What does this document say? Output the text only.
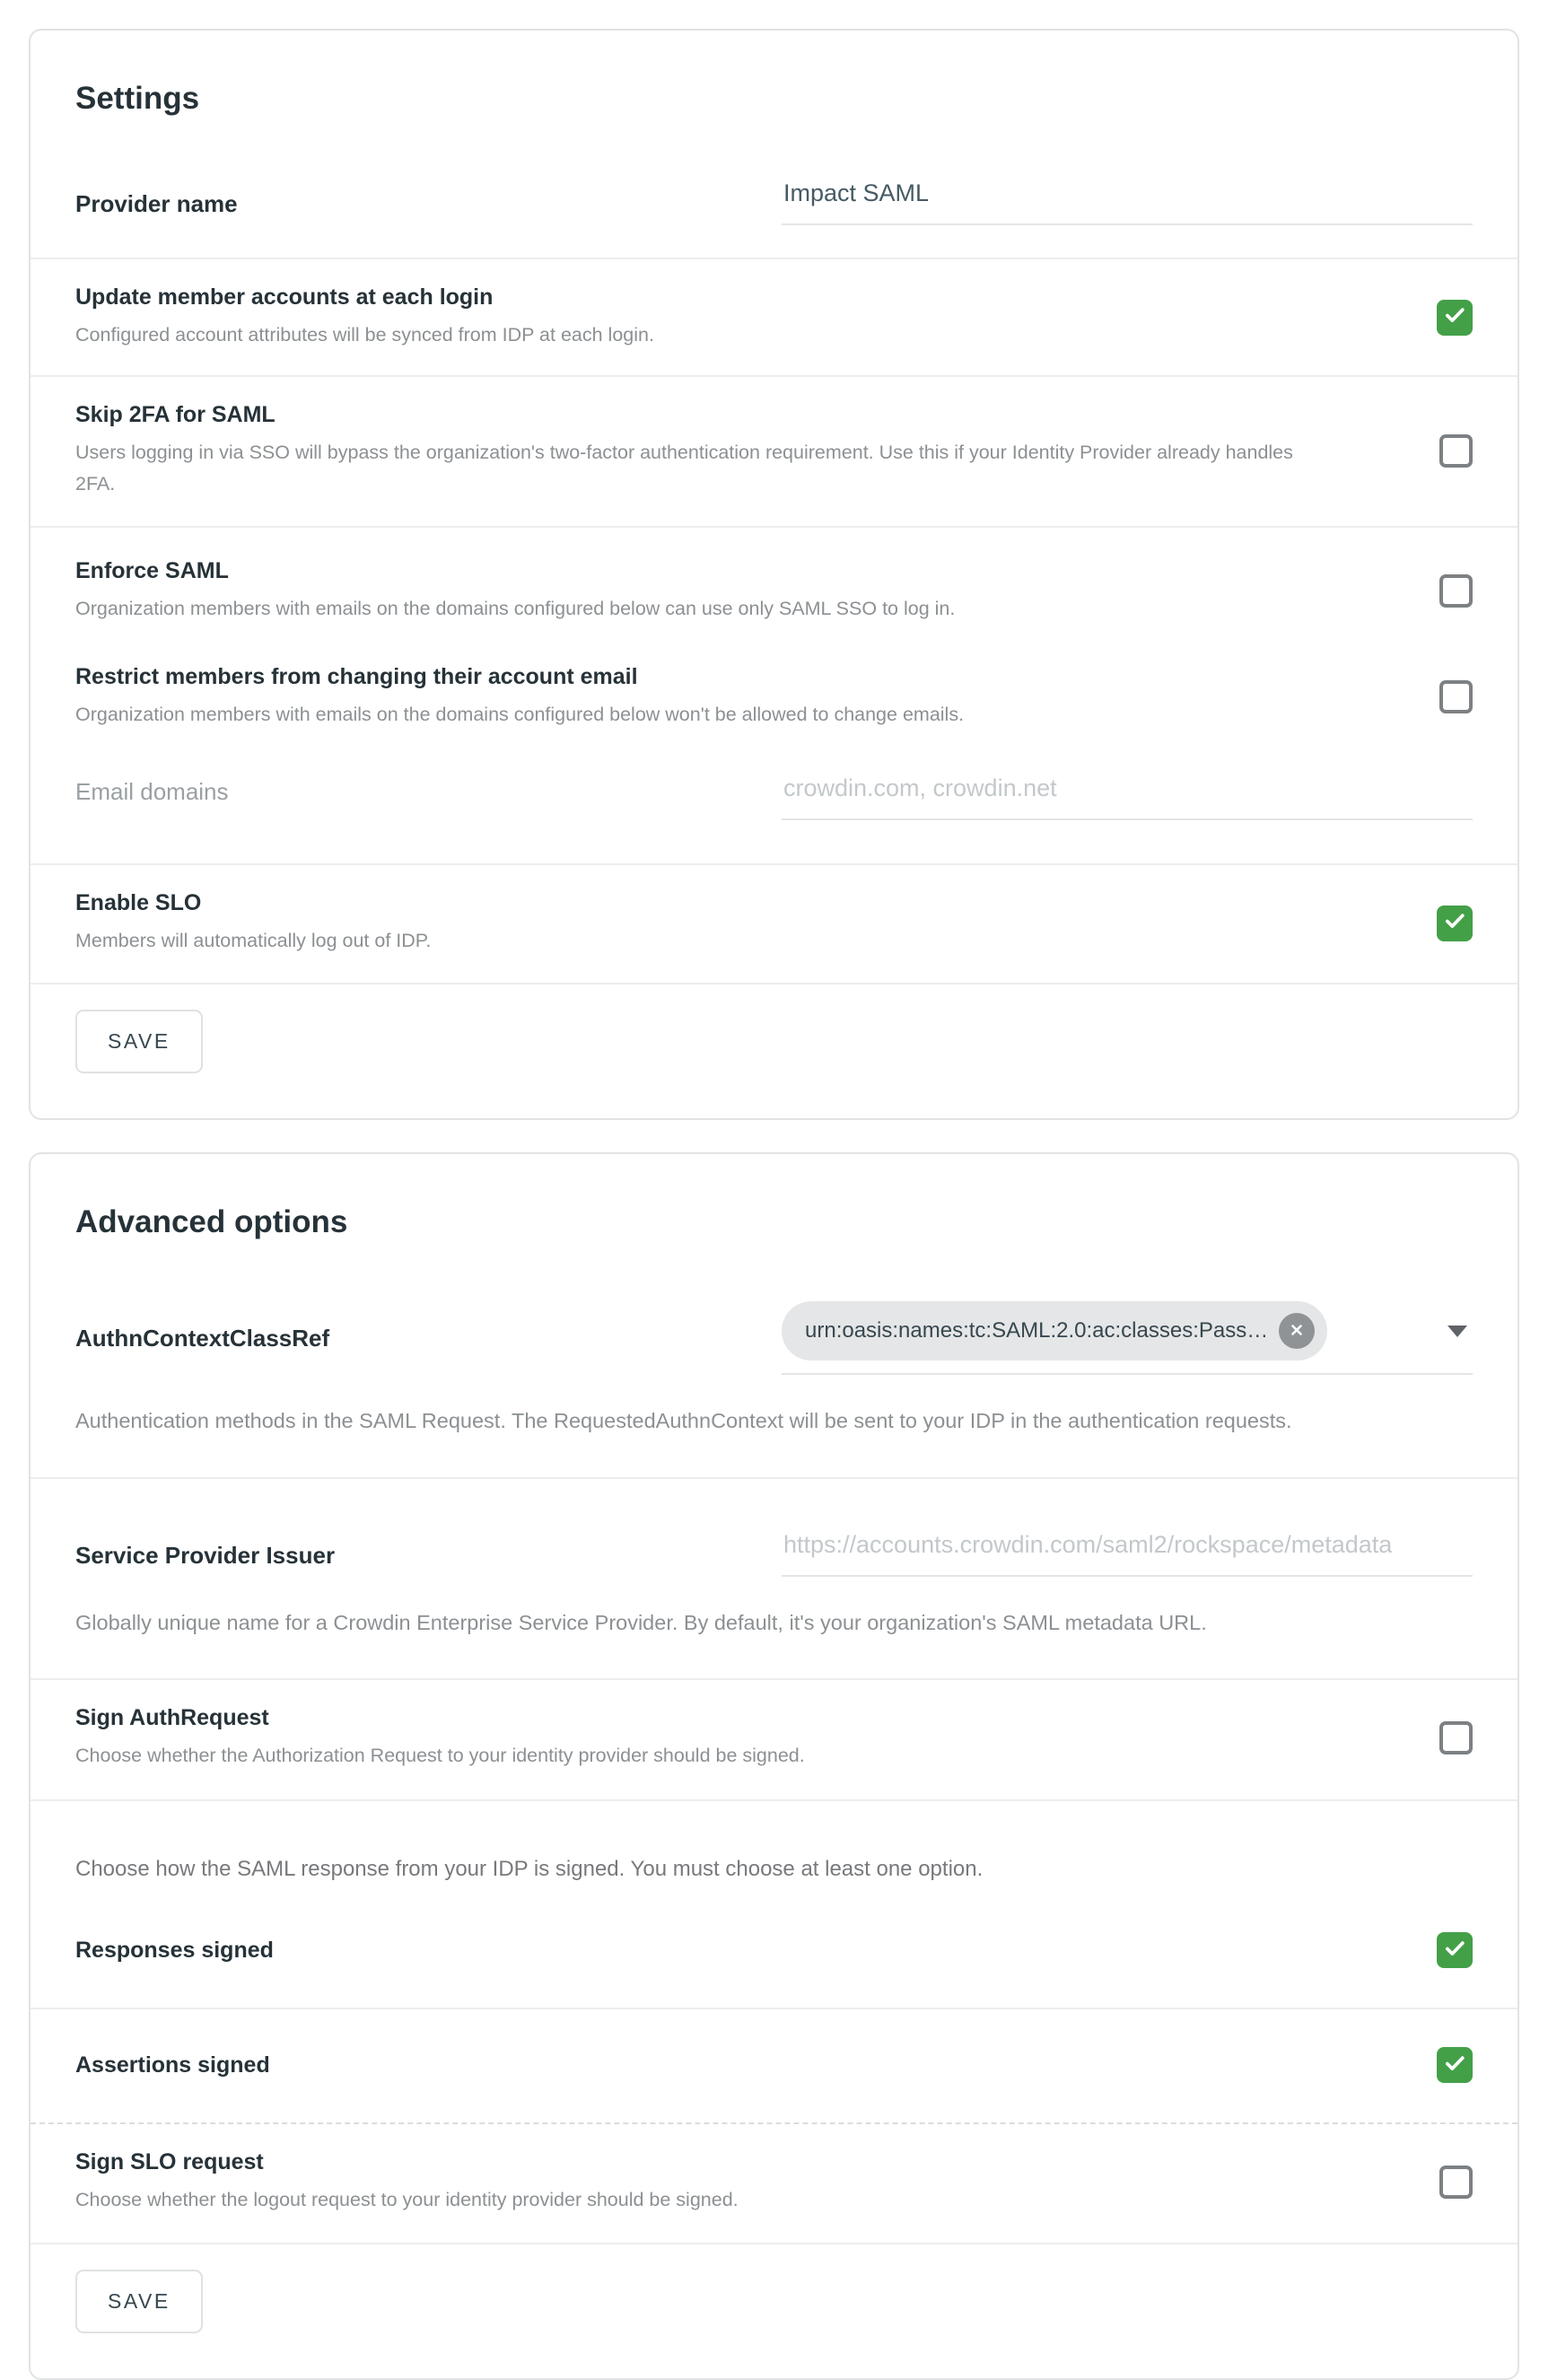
Settings
Provider name
Impact SAML
Update member accounts at each login
Configured account attributes will be synced from IDP at each login.
Skip 2FA for SAML
Users logging in via SSO will bypass the organization's two-factor authentication requirement. Use this if your Identity Provider already handles 2FA.
Enforce SAML
Organization members with emails on the domains configured below can use only SAML SSO to log in.
Restrict members from changing their account email
Organization members with emails on the domains configured below won't be allowed to change emails.
Email domains
crowdin.com, crowdin.net
Enable SLO
Members will automatically log out of IDP.
SAVE
Advanced options
AuthnContextClassRef	urn:oasis:names:tc:SAML:2.0:ac:classes:Pass…
Authentication methods in the SAML Request. The RequestedAuthnContext will be sent to your IDP in the authentication requests.
Service Provider Issuer
https://accounts.crowdin.com/saml2/rockspace/metadata
Globally unique name for a Crowdin Enterprise Service Provider. By default, it's your organization's SAML metadata URL.
Sign AuthRequest
Choose whether the Authorization Request to your identity provider should be signed.
Choose how the SAML response from your IDP is signed. You must choose at least one option.
Responses signed
Assertions signed
Sign SLO request
Choose whether the logout request to your identity provider should be signed.
SAVE
